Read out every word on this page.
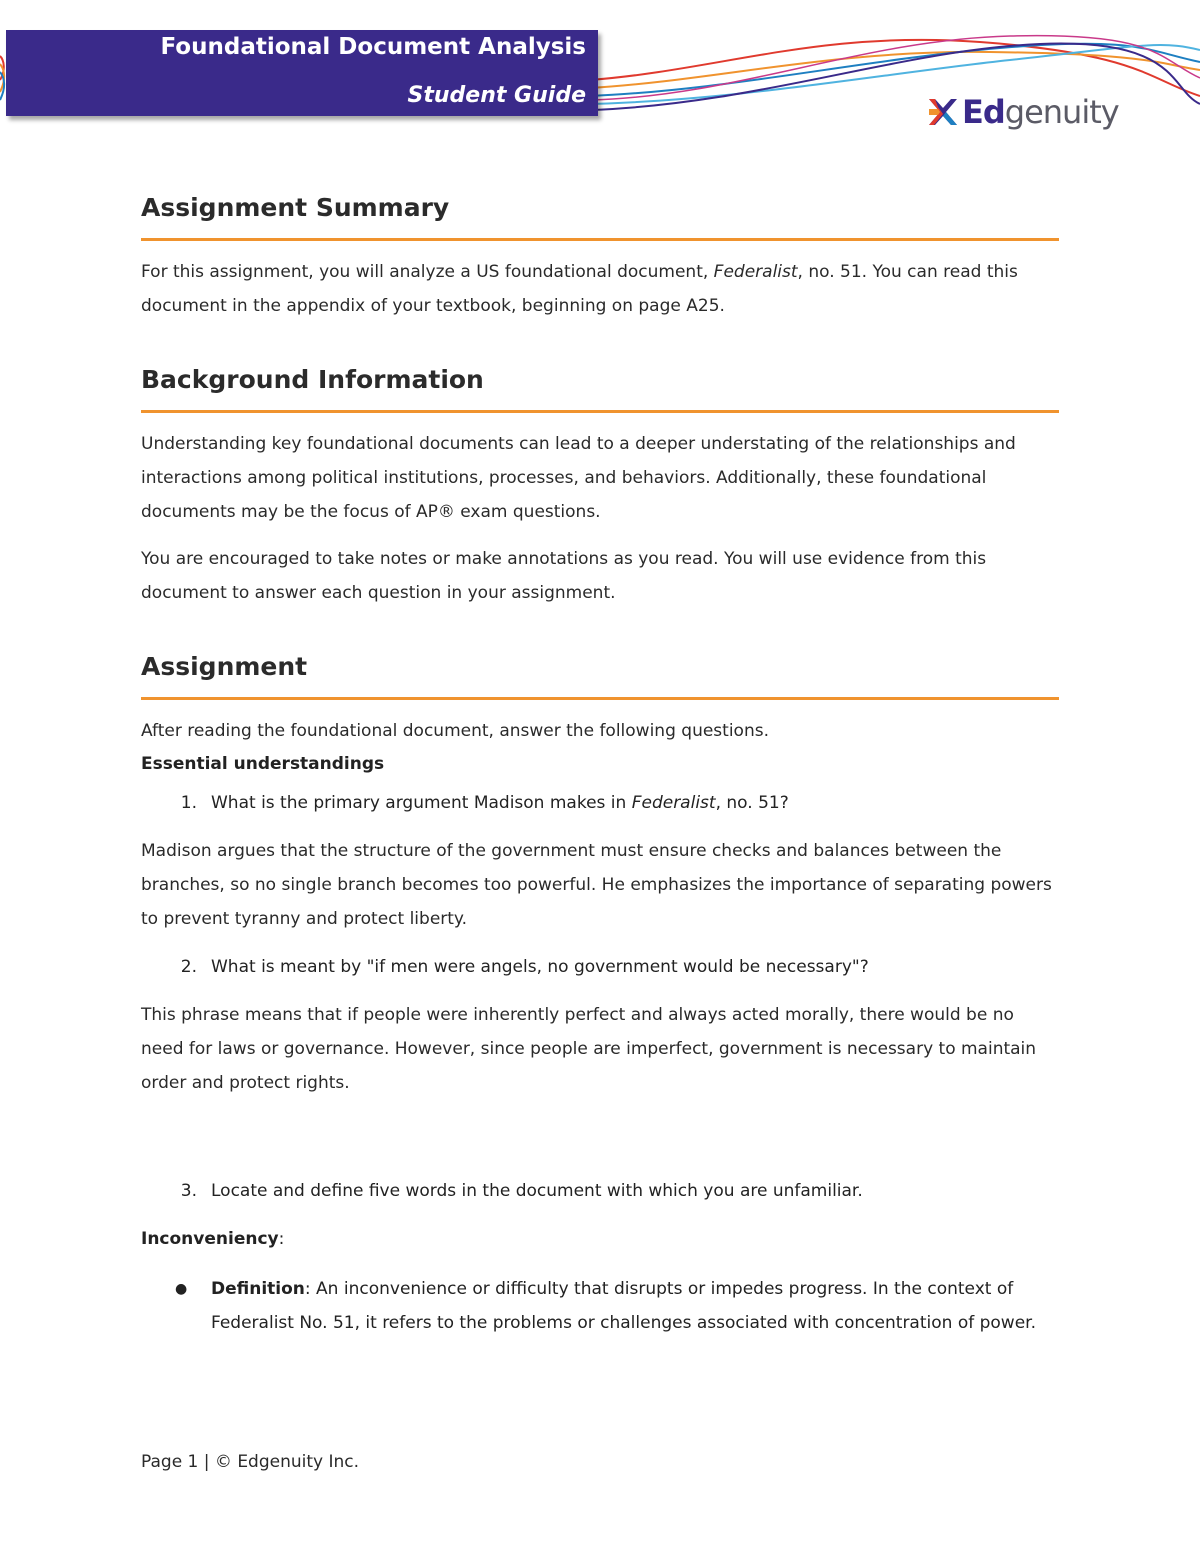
Foundational Document Analysis
Student Guide	Edgenuity
Assignment Summary

For this assignment, you will analyze a US foundational document, Federalist, no. 51. You can read this document in the appendix of your textbook, beginning on page A25.

Background Information

Understanding key foundational documents can lead to a deeper understating of the relationships and interactions among political institutions, processes, and behaviors. Additionally, these foundational documents may be the focus of AP® exam questions.

You are encouraged to take notes or make annotations as you read. You will use evidence from this document to answer each question in your assignment.

Assignment

After reading the foundational document, answer the following questions.

Essential understandings
1. What is the primary argument Madison makes in Federalist, no. 51?

Madison argues that the structure of the government must ensure checks and balances between the branches, so no single branch becomes too powerful. He emphasizes the importance of separating powers to prevent tyranny and protect liberty.

2. What is meant by "if men were angels, no government would be necessary"?

This phrase means that if people were inherently perfect and always acted morally, there would be no need for laws or governance. However, since people are imperfect, government is necessary to maintain order and protect rights.

3. Locate and define five words in the document with which you are unfamiliar.
Inconveniency:
●	Definition: An inconvenience or difficulty that disrupts or impedes progress. In the context of Federalist No. 51, it refers to the problems or challenges associated with concentration of power.
Page 1 | © Edgenuity Inc.
